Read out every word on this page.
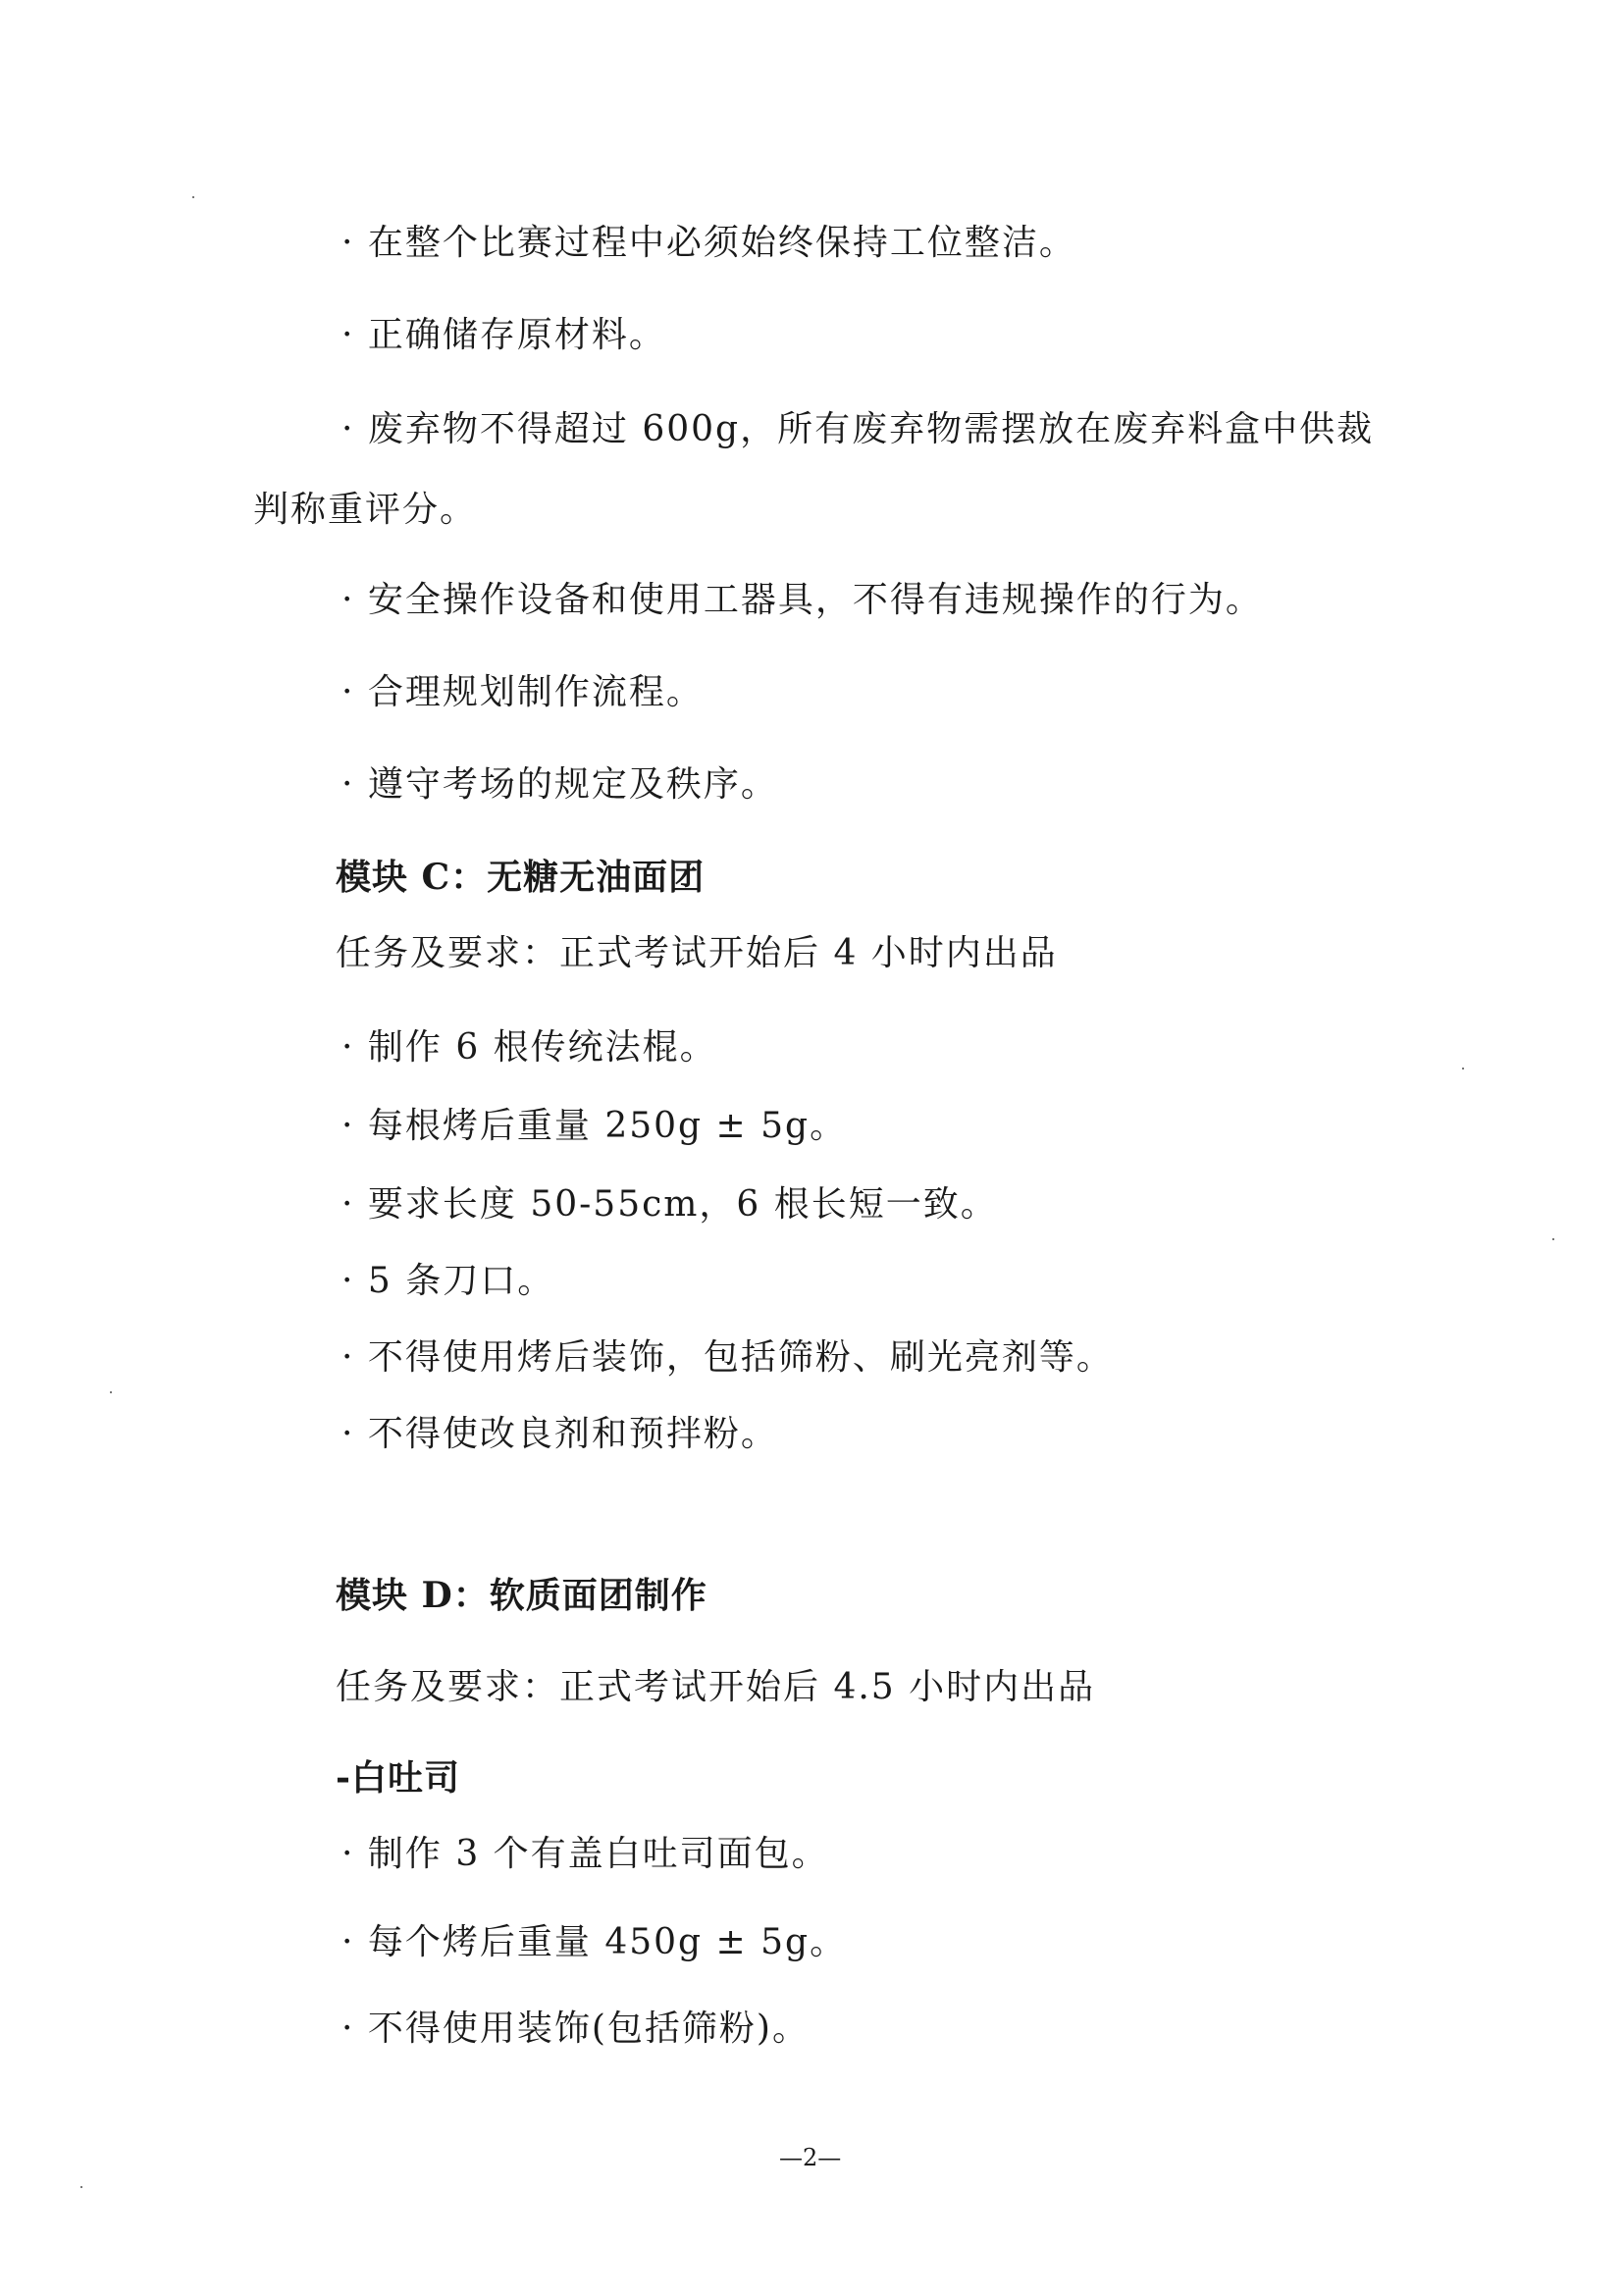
· 在整个比赛过程中必须始终保持工位整洁。
· 正确储存原材料。
· 废弃物不得超过 600g，所有废弃物需摆放在废弃料盒中供裁
判称重评分。
· 安全操作设备和使用工器具，不得有违规操作的行为。
· 合理规划制作流程。
· 遵守考场的规定及秩序。
模块 C：无糖无油面团
任务及要求：正式考试开始后 4 小时内出品
· 制作 6 根传统法棍。
· 每根烤后重量 250g ± 5g。
· 要求长度 50-55cm，6 根长短一致。
· 5 条刀口。
· 不得使用烤后装饰，包括筛粉、刷光亮剂等。
· 不得使改良剂和预拌粉。
模块 D：软质面团制作
任务及要求：正式考试开始后 4.5 小时内出品
-白吐司
· 制作 3 个有盖白吐司面包。
· 每个烤后重量 450g ± 5g。
· 不得使用装饰(包括筛粉)。
—2—
